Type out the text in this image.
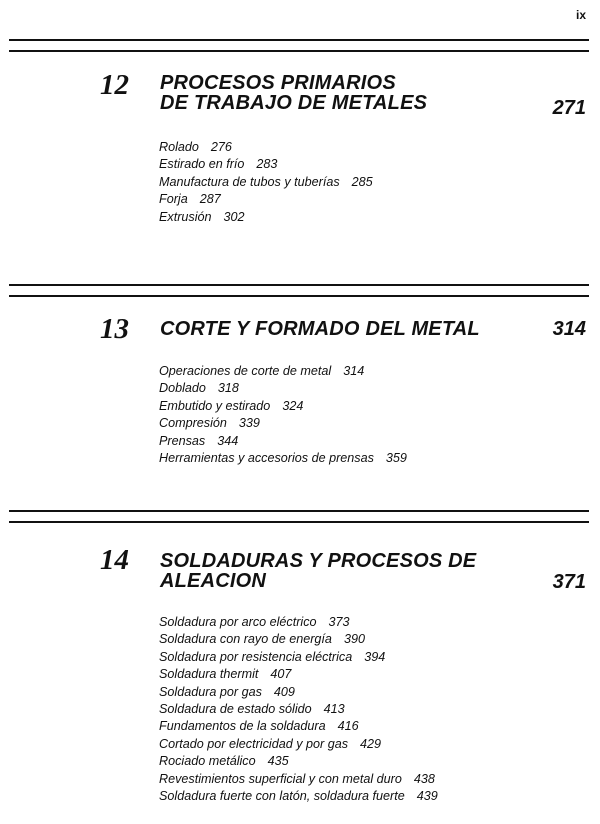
ix
12 PROCESOS PRIMARIOS
DE TRABAJO DE METALES	271
Rolado 276
Estirado en frío 283
Manufactura de tubos y tuberías 285
Forja 287
Extrusión 302
13 CORTE Y FORMADO DEL METAL	314
Operaciones de corte de metal 314
Doblado 318
Embutido y estirado 324
Compresión 339
Prensas 344
Herramientas y accesorios de prensas 359
14 SOLDADURAS Y PROCESOS DE
ALEACION	371
Soldadura por arco eléctrico 373
Soldadura con rayo de energía 390
Soldadura por resistencia eléctrica 394
Soldadura thermit 407
Soldadura por gas 409
Soldadura de estado sólido 413
Fundamentos de la soldadura 416
Cortado por electricidad y por gas 429
Rociado metálico 435
Revestimientos superficial y con metal duro 438
Soldadura fuerte con latón, soldadura fuerte 439
